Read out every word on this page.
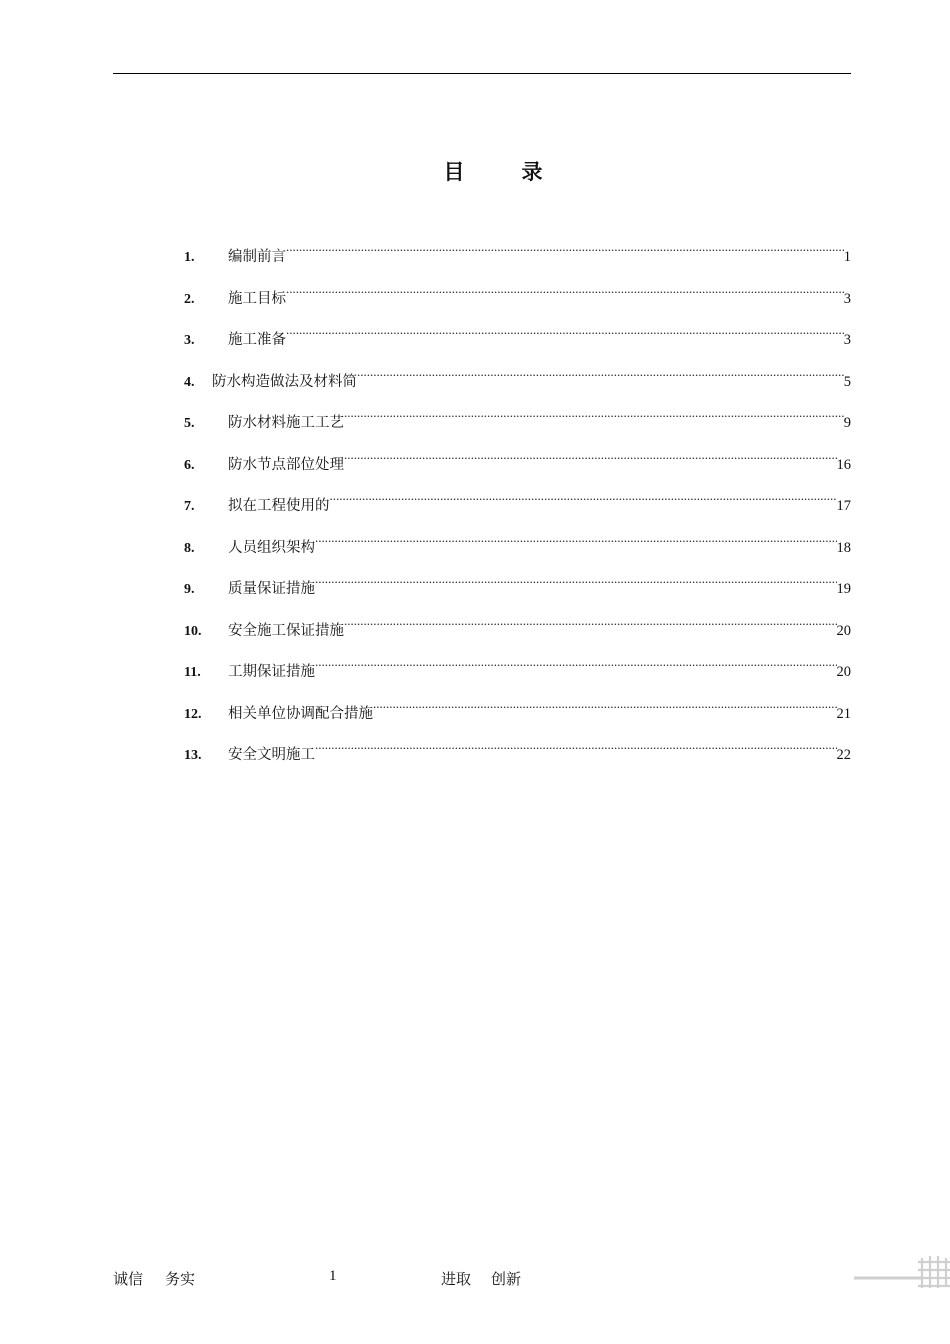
目　录
1.	编制前言 .....	1
2.	施工目标 .....	3
3.	施工准备 .....	3
4.	防水构造做法及材料简 .....	5
5.	防水材料施工工艺 .....	9
6.	防水节点部位处理 .....	16
7.	拟在工程使用的 .....	17
8.	人员组织架构 .....	18
9.	质量保证措施 .....	19
10.	安全施工保证措施 .....	20
11.	工期保证措施 .....	20
12.	相关单位协调配合措施 .....	21
13.	安全文明施工 .....	22
诚信 务实	1	进取 创新
